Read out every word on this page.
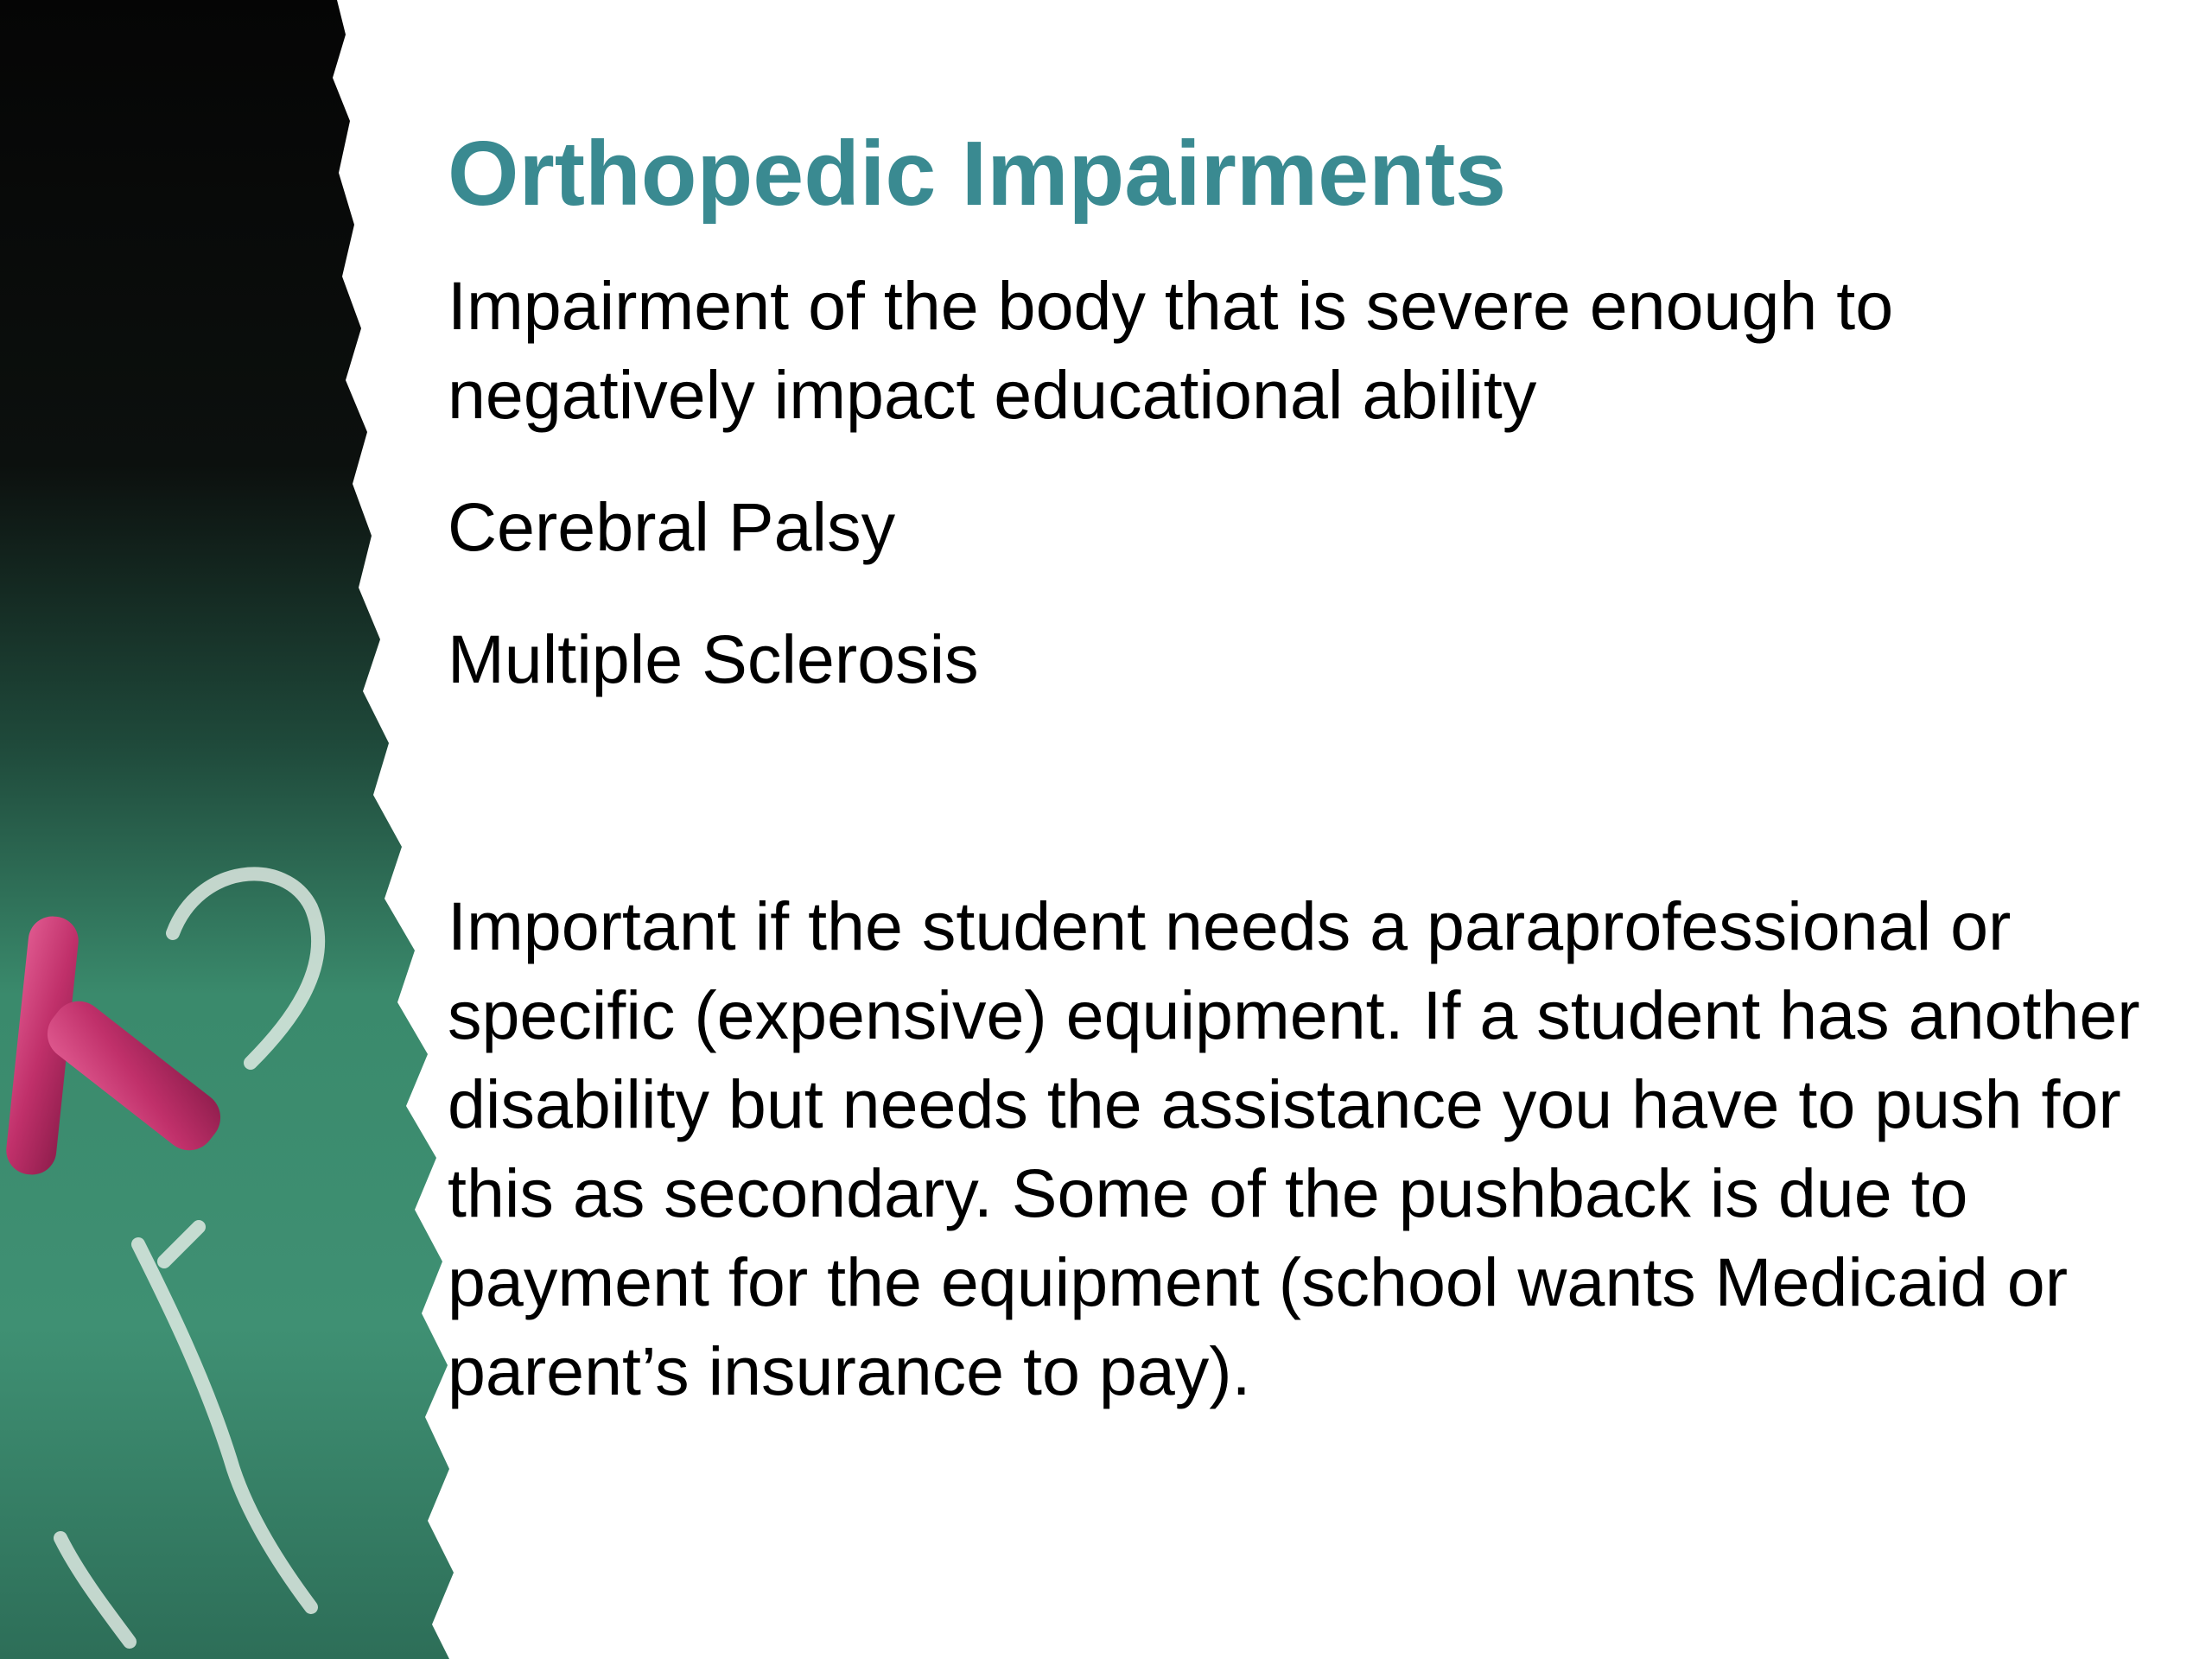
Orthopedic Impairments

Impairment of the body that is severe enough to negatively impact educational ability

Cerebral Palsy

Multiple Sclerosis

Important if the student needs a paraprofessional or specific (expensive) equipment. If a student has another disability but needs the assistance you have to push for this as secondary. Some of the pushback is due to payment for the equipment (school wants Medicaid or parent’s insurance to pay).
